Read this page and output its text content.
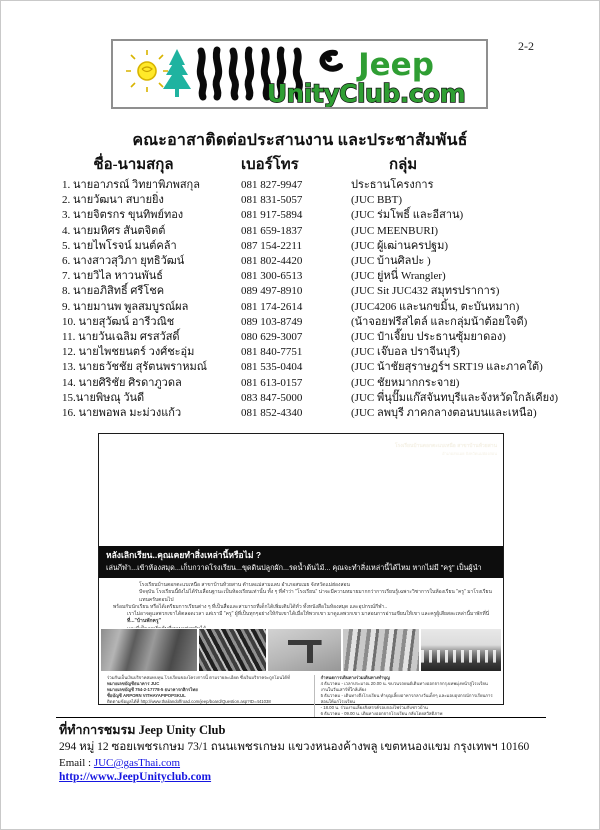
2-2
Jeep
UnityClub.com
คณะอาสาติดต่อประสานงาน และประชาสัมพันธ์
ชื่อ-นามสกุล	เบอร์โทร	กลุ่ม
1. นายอาภรณ์ วิทยาพิภพสกุล	081 827-9947	ประธานโครงการ
2. นายวัฒนา สบายยิ่ง	081 831-5057	(JUC BBT)
3. นายจิตรกร ขุนทิพย์ทอง	081 917-5894	(JUC ร่มโพธิ์ และอีสาน)
4. นายมหิศร สันตจิตต์	081 659-1837	(JUC MEENBURI)
5. นายไพโรจน์ มนต์คล้า	087 154-2211	(JUC ผู้เฒ่านครปฐม)
6. นางสาวสุวิภา ยุทธิวัฒน์	081 802-4420	(JUC บ้านศิลปะ )
7. นายวิไล หาวนพันธ์	081 300-6513	(JUC ยู่หนี่ Wrangler)
8. นายอภิสิทธิ์ ศรีโชค	089 497-8910	(JUC Sit JUC432 สมุทรปราการ)
9. นายมานพ พูลสมบูรณ์ผล	081 174-2614	(JUC4206 และนกขมิ้น, ตะบันหมาก)
10. นายสุวัฒน์ อารีวณิช	089 103-8749	(น้าจอยฟรีสไตล์ และกลุ่มน้าต้อยใจดี)
11. นายวันเฉลิม ศรสวัสดิ์	080 629-3007	(JUC ป๋าเจี๊ยบ ประธานซุ้มยาดอง)
12. นายไพชยนตร์ วงศ์ชะอุ่ม	081 840-7751	(JUC เจ๊บอล ปราจีนบุรี)
13. นายธวัชชัย สุรัตนพราหมณ์	081 535-0404	(JUC น้าชัยสุราษฎร์ฯ SRT19 และภาคใต้)
14. นายศิริชัย ศิรดาภูวดล	081 613-0157	(JUC ชัยหมากกระจาย)
15.นายพิษณุ วันดี	083 847-5000	(JUC พี่นุปั๊มแก๊สจันทบุรีและจังหวัดใกล้เคียง)
16. นายพอพล มะม่วงแก้ว	081 852-4340	(JUC ลพบุรี ภาคกลางตอนบนและเหนือ)
โรงเรียนบ้านตอกตะแบเหนือ สาขาบ้านห้วยสาน
อำเภอสบเมย จังหวัดแม่ฮ่องสอน
หลังเลิกเรียน..คุณเคยทำสิ่งเหล่านี้หรือไม่ ?
เล่นกีฬา...เข้าห้องสมุด...เก็บกวาดโรงเรียน...ขุดดินปลูกผัก...รดน้ำต้นไม้... คุณจะทำสิ่งเหล่านี้ได้ไหม หากไม่มี "ครู" เป็นผู้นำ
โรงเรียนบ้านตอกตะแบเหนือ สาขาบ้านห้วยสาน ตำบลแม่สามแลบ อำเภอสบเมย จังหวัดแม่ฮ่องสอน
ปัจจุบัน โรงเรียนนี้ยังไม่ได้รับเลื่อนฐานะเป็นห้องเรียนเท่านั้น ทั้ง ๆ ที่คำว่า "โรงเรียน" น่าจะมีความหมายมากกว่าการเรียนรู้เฉพาะวิชาการในห้องเรียน "ครู" มาโรงเรียนแทนครับตอนไป
พร้อมกับนักเรียน หรือได้เตรียมการเรียนต่าง ๆ ที่เป็นสื่อและสามารถที่เด็กได้เพิ่มเติมได้ทั่ว ทั้งหนังสือในห้องสมุด และอุปกรณ์กีฬา..
เราไม่อาจดูแลพวกเขาได้ตลอดเวลา แต่เรามี "ครู" ผู้ที่เป็นทุกๆอย่างให้กับเขาได้เมื่อให้พวกเขา มาดูแลพวกเขา มาสอนการอ่านเขียนให้เขา และครูผู้เสียสละเหล่านี้มาพักที่นี่
ที่..."บ้านพักครู"
ร่วมกันเป็นเงินบริจาคสมทบทุน โรงเรียนของโครงการนี้ ตามรายละเอียด ซึ่งเงินบริจาคจะถูกโอนได้ที่
หมายเลขบัญชีธนาคาร JUC
หมายเลขบัญชี 754-2-17778-5 ธนาคารกสิกรไทย
ชื่อบัญชี ARPORN VITHAYAPIPOPSKUL
ติดตามข้อมูลได้ที่ http://www.thailandoffroad.com/jeep/board/Question.asp?ID=441038
กำหนดการเดินทางร่วมเดินทางทำบุญ
4 ธันวาคม - เวลาประมาณ 20.00 น. ขบวนรถยนต์เดินทางออกจากกรุงเทพมุ่งหน้าสู่โรงเรียน งานในวันเสาร์ที่ใกล้เคียง
5 ธันวาคม - เดินทางถึงโรงเรียน ทำบุญเลี้ยงอาหารกลางวันเด็กๆ และมอบอุปกรณ์การเรียนการสอนให้แก่โรงเรียน
- 18.00 น. ร่วมงานเลี้ยงสังสรรค์รอบกองไฟร่วมกับชาวบ้าน
6 ธันวาคม - 09.00 น. เดินทางออกจากโรงเรียน กลับโดยสวัสดิภาพ
ที่ทำการชมรม Jeep Unity Club
294 หมู่ 12 ซอยเพชรเกษม 73/1 ถนนเพชรเกษม แขวงหนองค้างพลู เขตหนองแขม กรุงเทพฯ 10160
Email : JUC@gasThai.com
http://www.JeepUnityclub.com
